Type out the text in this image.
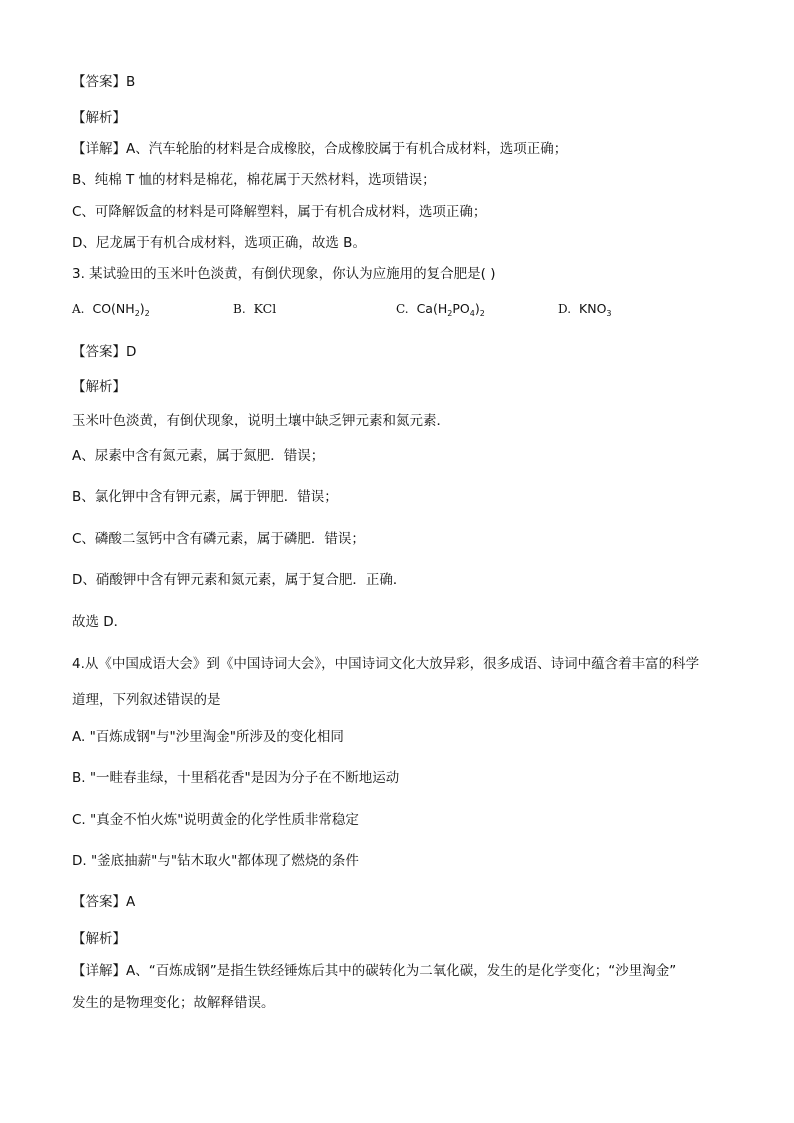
【答案】B
【解析】
【详解】A、汽车轮胎的材料是合成橡胶，合成橡胶属于有机合成材料，选项正确；
B、纯棉 T 恤的材料是棉花，棉花属于天然材料，选项错误；
C、可降解饭盒的材料是可降解塑料，属于有机合成材料，选项正确；
D、尼龙属于有机合成材料，选项正确，故选 B。
3. 某试验田的玉米叶色淡黄，有倒伏现象，你认为应施用的复合肥是( )
A. $CO(NH_2)_2$	B. KCl	C. $Ca(H_2PO_4)_2$	D. $KNO_3$
【答案】D
【解析】
玉米叶色淡黄，有倒伏现象，说明土壤中缺乏钾元素和氮元素．
A、尿素中含有氮元素，属于氮肥．错误；
B、氯化钾中含有钾元素，属于钾肥．错误；
C、磷酸二氢钙中含有磷元素，属于磷肥．错误；
D、硝酸钾中含有钾元素和氮元素，属于复合肥．正确．
故选 D．
4.从《中国成语大会》到《中国诗词大会》，中国诗词文化大放异彩，很多成语、诗词中蕴含着丰富的科学
道理，下列叙述错误的是
A. "百炼成钢"与"沙里淘金"所涉及的变化相同
B. "一畦春韭绿，十里稻花香"是因为分子在不断地运动
C. "真金不怕火炼"说明黄金的化学性质非常稳定
D. "釜底抽薪"与"钻木取火"都体现了燃烧的条件
【答案】A
【解析】
【详解】A、“百炼成钢”是指生铁经锤炼后其中的碳转化为二氧化碳，发生的是化学变化；“沙里淘金”
发生的是物理变化；故解释错误。
